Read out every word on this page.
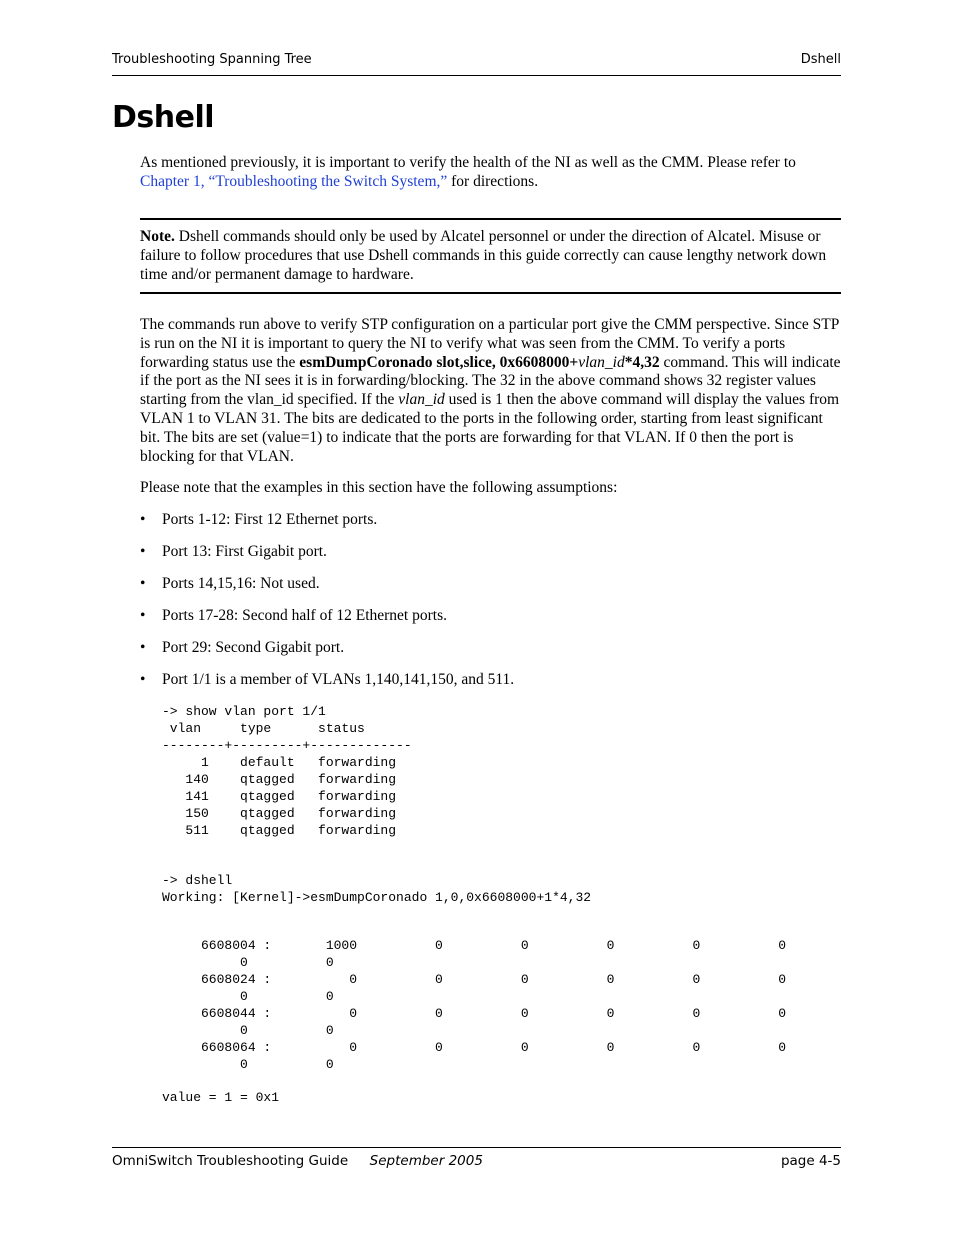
Troubleshooting Spanning Tree	Dshell
Dshell
As mentioned previously, it is important to verify the health of the NI as well as the CMM. Please refer to Chapter 1, “Troubleshooting the Switch System,” for directions.
Note. Dshell commands should only be used by Alcatel personnel or under the direction of Alcatel. Misuse or failure to follow procedures that use Dshell commands in this guide correctly can cause lengthy network down time and/or permanent damage to hardware.
The commands run above to verify STP configuration on a particular port give the CMM perspective. Since STP is run on the NI it is important to query the NI to verify what was seen from the CMM. To verify a ports forwarding status use the esmDumpCoronado slot,slice, 0x6608000+vlan_id*4,32 command. This will indicate if the port as the NI sees it is in forwarding/blocking. The 32 in the above command shows 32 register values starting from the vlan_id specified. If the vlan_id used is 1 then the above command will display the values from VLAN 1 to VLAN 31. The bits are dedicated to the ports in the following order, starting from least significant bit. The bits are set (value=1) to indicate that the ports are forwarding for that VLAN. If 0 then the port is blocking for that VLAN.
Please note that the examples in this section have the following assumptions:
• Ports 1-12: First 12 Ethernet ports.
• Port 13: First Gigabit port.
• Ports 14,15,16: Not used.
• Ports 17-28: Second half of 12 Ethernet ports.
• Port 29: Second Gigabit port.
• Port 1/1 is a member of VLANs 1,140,141,150, and 511.
-> show vlan port 1/1
vlan     type      status
--------+---------+-------------
1    default   forwarding
140    qtagged   forwarding
141    qtagged   forwarding
150    qtagged   forwarding
511    qtagged   forwarding
-> dshell
Working: [Kernel]->esmDumpCoronado 1,0,0x6608000+1*4,32
6608004 :       1000          0          0          0          0          0
0          0
6608024 :          0          0          0          0          0          0
0          0
6608044 :          0          0          0          0          0          0
0          0
6608064 :          0          0          0          0          0          0
0          0
value = 1 = 0x1
OmniSwitch Troubleshooting Guide September 2005	page 4-5
